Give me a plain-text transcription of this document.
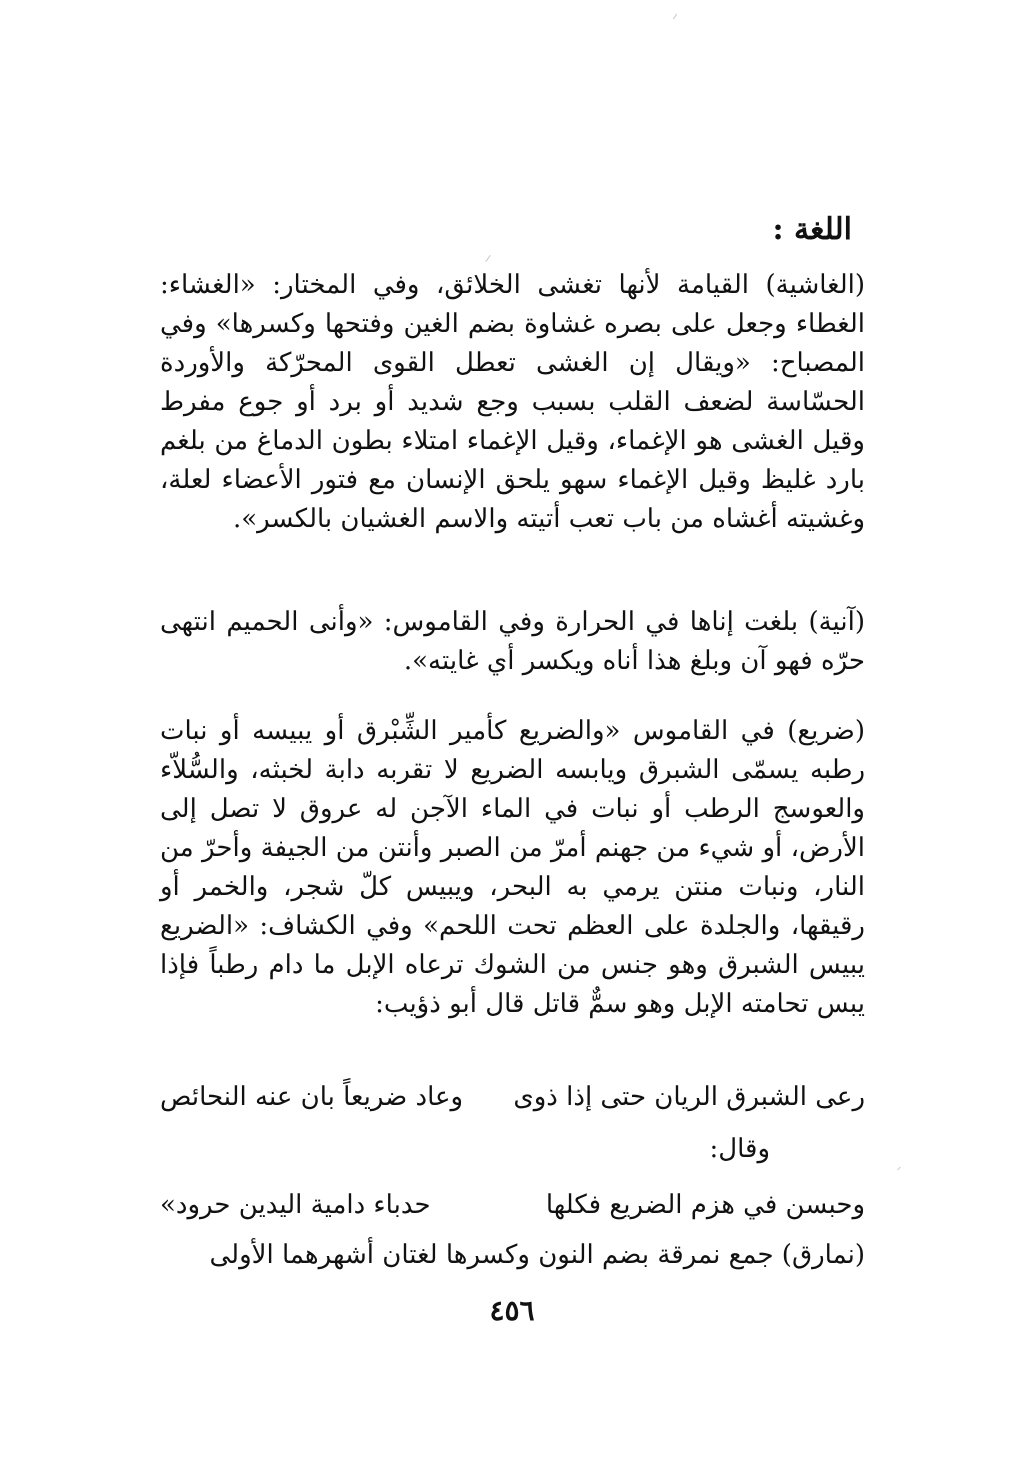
اللغة :

(الغاشية) القيامة لأنها تغشى الخلائق، وفي المختار: «الغشاء: الغطاء وجعل على بصره غشاوة بضم الغين وفتحها وكسرها» وفي المصباح: «ويقال إن الغشى تعطل القوى المحرّكة والأوردة الحسّاسة لضعف القلب بسبب وجع شديد أو برد أو جوع مفرط وقيل الغشى هو الإغماء، وقيل الإغماء امتلاء بطون الدماغ من بلغم بارد غليظ وقيل الإغماء سهو يلحق الإنسان مع فتور الأعضاء لعلة، وغشيته أغشاه من باب تعب أتيته والاسم الغشيان بالكسر».

(آنية) بلغت إناها في الحرارة وفي القاموس: «وأنى الحميم انتهى حرّه فهو آن وبلغ هذا أناه ويكسر أي غايته».

(ضريع) في القاموس «والضريع كأمير الشِّبْرق أو يبيسه أو نبات رطبه يسمّى الشبرق ويابسه الضريع لا تقربه دابة لخبثه، والسُّلاّء والعوسج الرطب أو نبات في الماء الآجن له عروق لا تصل إلى الأرض، أو شيء من جهنم أمرّ من الصبر وأنتن من الجيفة وأحرّ من النار، ونبات منتن يرمي به البحر، ويبيس كلّ شجر، والخمر أو رقيقها، والجلدة على العظم تحت اللحم» وفي الكشاف: «الضريع يبيس الشبرق وهو جنس من الشوك ترعاه الإبل ما دام رطباً فإذا يبس تحامته الإبل وهو سمٌّ قاتل قال أبو ذؤيب:

رعى الشبرق الريان حتى إذا ذوى
وعاد ضريعاً بان عنه النحائص
وقال:
وحبسن في هزم الضريع فكلها
حدباء دامية اليدين حرود»

(نمارق) جمع نمرقة بضم النون وكسرها لغتان أشهرهما الأولى

٤٥٦
